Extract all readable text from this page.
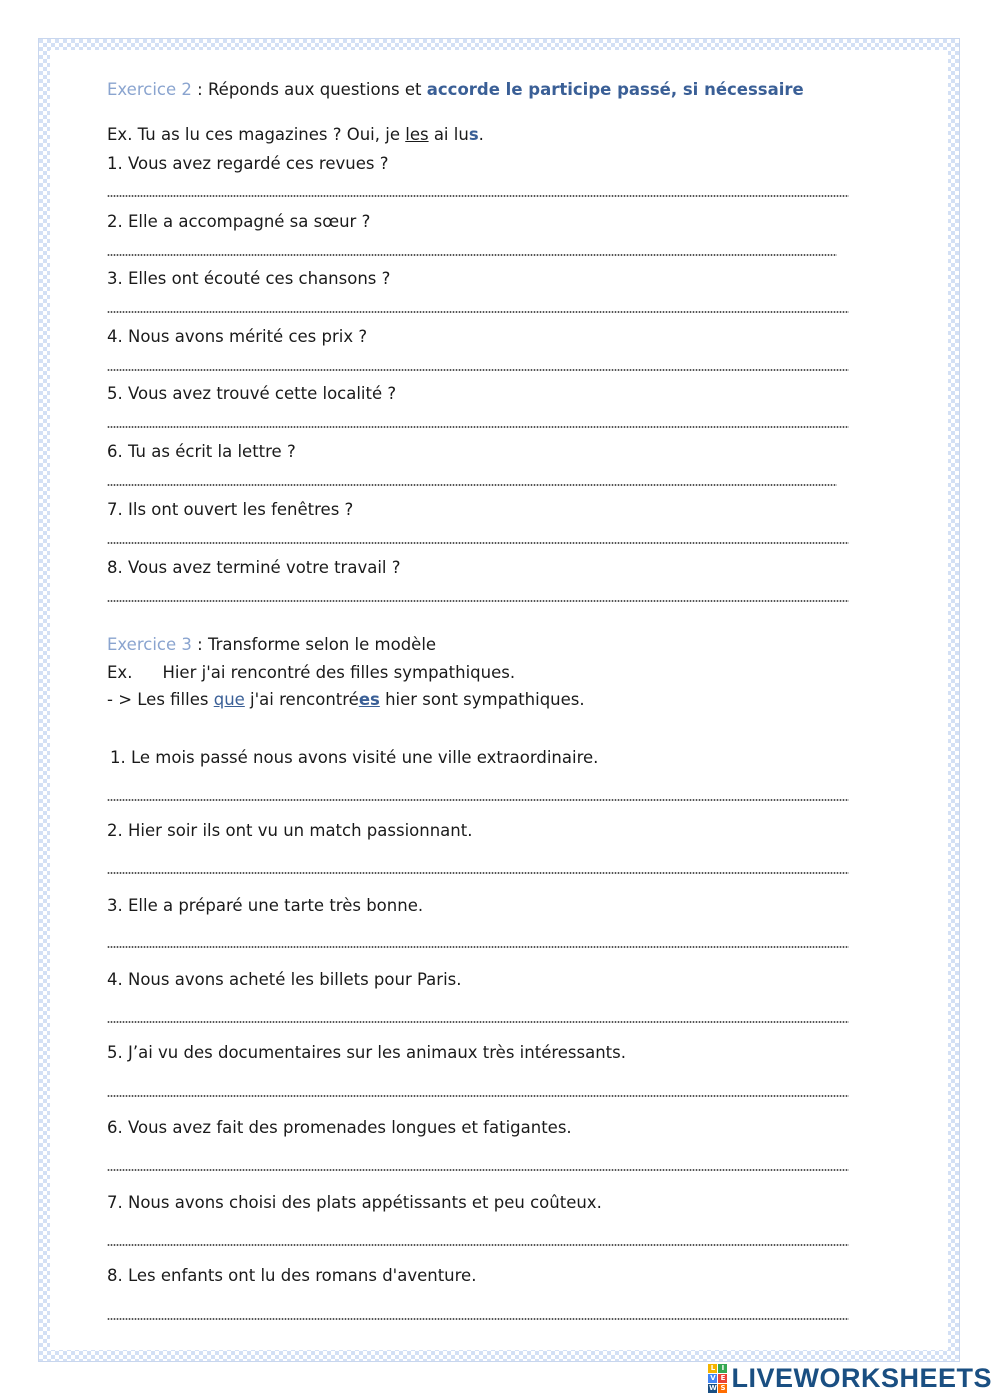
Exercice 2 : Réponds aux questions et accorde le participe passé, si nécessaire
Ex. Tu as lu ces magazines ? Oui, je les ai lus.
1. Vous avez regardé ces revues ?
2. Elle a accompagné sa sœur ?
3. Elles ont écouté ces chansons ?
4. Nous avons mérité ces prix ?
5. Vous avez trouvé cette localité ?
6. Tu as écrit la lettre ?
7. Ils ont ouvert les fenêtres ?
8. Vous avez terminé votre travail ?
Exercice 3 : Transforme selon le modèle
Ex. Hier j'ai rencontré des filles sympathiques.
- > Les filles que j'ai rencontrées hier sont sympathiques.
1. Le mois passé nous avons visité une ville extraordinaire.
2. Hier soir ils ont vu un match passionnant.
3. Elle a préparé une tarte très bonne.
4. Nous avons acheté les billets pour Paris.
5. J’ai vu des documentaires sur les animaux très intéressants.
6. Vous avez fait des promenades longues et fatigantes.
7. Nous avons choisi des plats appétissants et peu coûteux.
8. Les enfants ont lu des romans d'aventure.
L I
V E
W S LIVEWORKSHEETS
